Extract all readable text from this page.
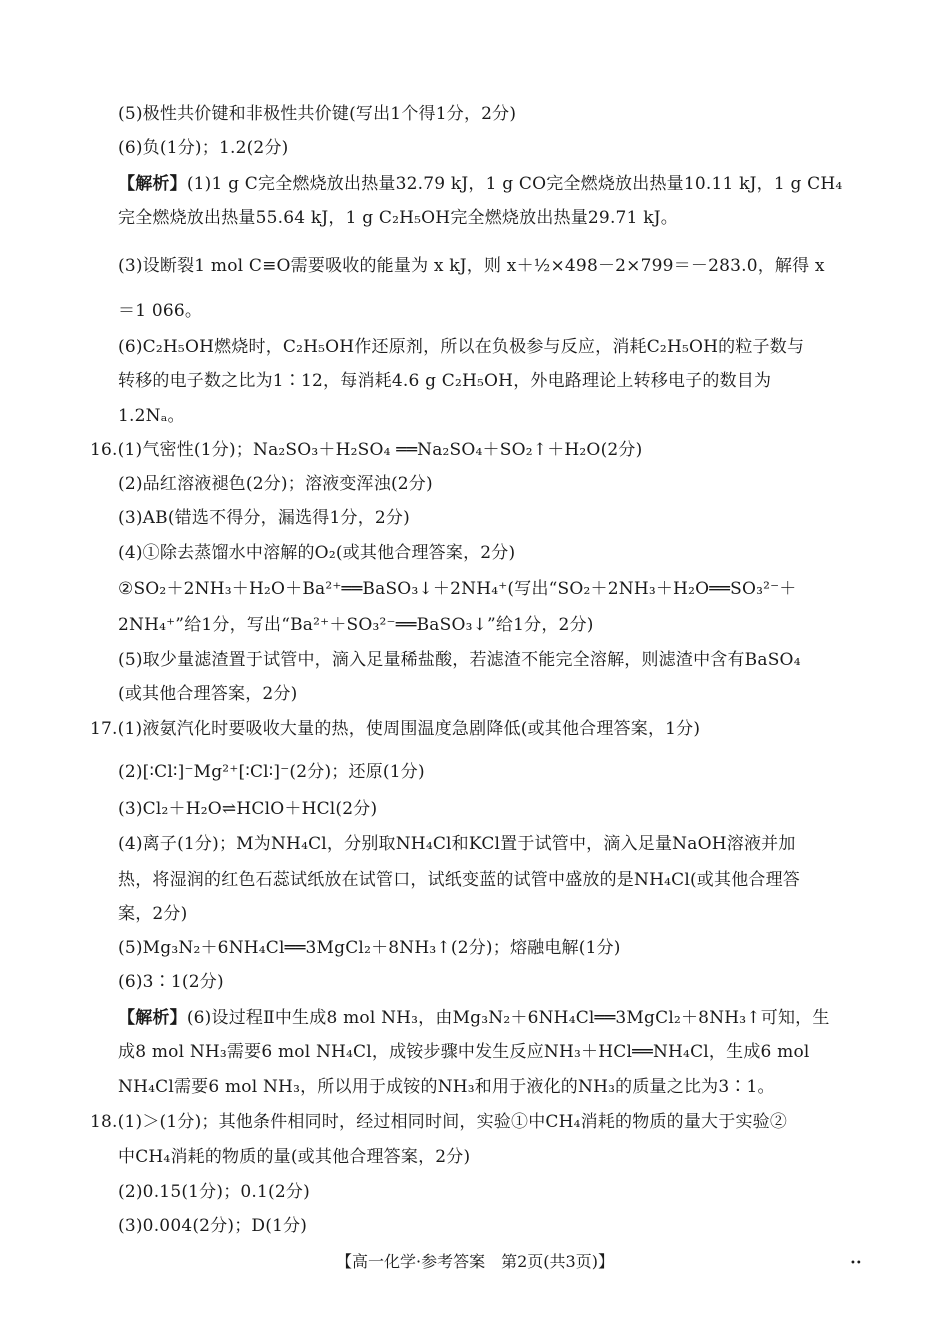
(5)极性共价键和非极性共价键(写出1个得1分，2分)
(6)负(1分)；1.2(2分)
【解析】(1)1 g C完全燃烧放出热量32.79 kJ，1 g CO完全燃烧放出热量10.11 kJ，1 g CH₄
完全燃烧放出热量55.64 kJ，1 g C₂H₅OH完全燃烧放出热量29.71 kJ。
(3)设断裂1 mol C≡O需要吸收的能量为 x kJ，则 x＋½×498－2×799＝－283.0，解得 x
＝1 066。
(6)C₂H₅OH燃烧时，C₂H₅OH作还原剂，所以在负极参与反应，消耗C₂H₅OH的粒子数与
转移的电子数之比为1∶12，每消耗4.6 g C₂H₅OH，外电路理论上转移电子的数目为
1.2Nₐ。
16.(1)气密性(1分)；Na₂SO₃＋H₂SO₄ ══Na₂SO₄＋SO₂↑＋H₂O(2分)
(2)品红溶液褪色(2分)；溶液变浑浊(2分)
(3)AB(错选不得分，漏选得1分，2分)
(4)①除去蒸馏水中溶解的O₂(或其他合理答案，2分)
②SO₂＋2NH₃＋H₂O＋Ba²⁺══BaSO₃↓＋2NH₄⁺(写出“SO₂＋2NH₃＋H₂O══SO₃²⁻＋
2NH₄⁺”给1分，写出“Ba²⁺＋SO₃²⁻══BaSO₃↓”给1分，2分)
(5)取少量滤渣置于试管中，滴入足量稀盐酸，若滤渣不能完全溶解，则滤渣中含有BaSO₄
(或其他合理答案，2分)
17.(1)液氨汽化时要吸收大量的热，使周围温度急剧降低(或其他合理答案，1分)
(2)[∶Cl∶]⁻Mg²⁺[∶Cl∶]⁻(2分)；还原(1分)
(3)Cl₂＋H₂O⇌HClO＋HCl(2分)
(4)离子(1分)；M为NH₄Cl，分别取NH₄Cl和KCl置于试管中，滴入足量NaOH溶液并加
热，将湿润的红色石蕊试纸放在试管口，试纸变蓝的试管中盛放的是NH₄Cl(或其他合理答
案，2分)
(5)Mg₃N₂＋6NH₄Cl══3MgCl₂＋8NH₃↑(2分)；熔融电解(1分)
(6)3∶1(2分)
【解析】(6)设过程Ⅱ中生成8 mol NH₃，由Mg₃N₂＋6NH₄Cl══3MgCl₂＋8NH₃↑可知，生
成8 mol NH₃需要6 mol NH₄Cl，成铵步骤中发生反应NH₃＋HCl══NH₄Cl，生成6 mol
NH₄Cl需要6 mol NH₃，所以用于成铵的NH₃和用于液化的NH₃的质量之比为3∶1。
18.(1)＞(1分)；其他条件相同时，经过相同时间，实验①中CH₄消耗的物质的量大于实验②
中CH₄消耗的物质的量(或其他合理答案，2分)
(2)0.15(1分)；0.1(2分)
(3)0.004(2分)；D(1分)
【高一化学·参考答案　第2页(共3页)】	••
